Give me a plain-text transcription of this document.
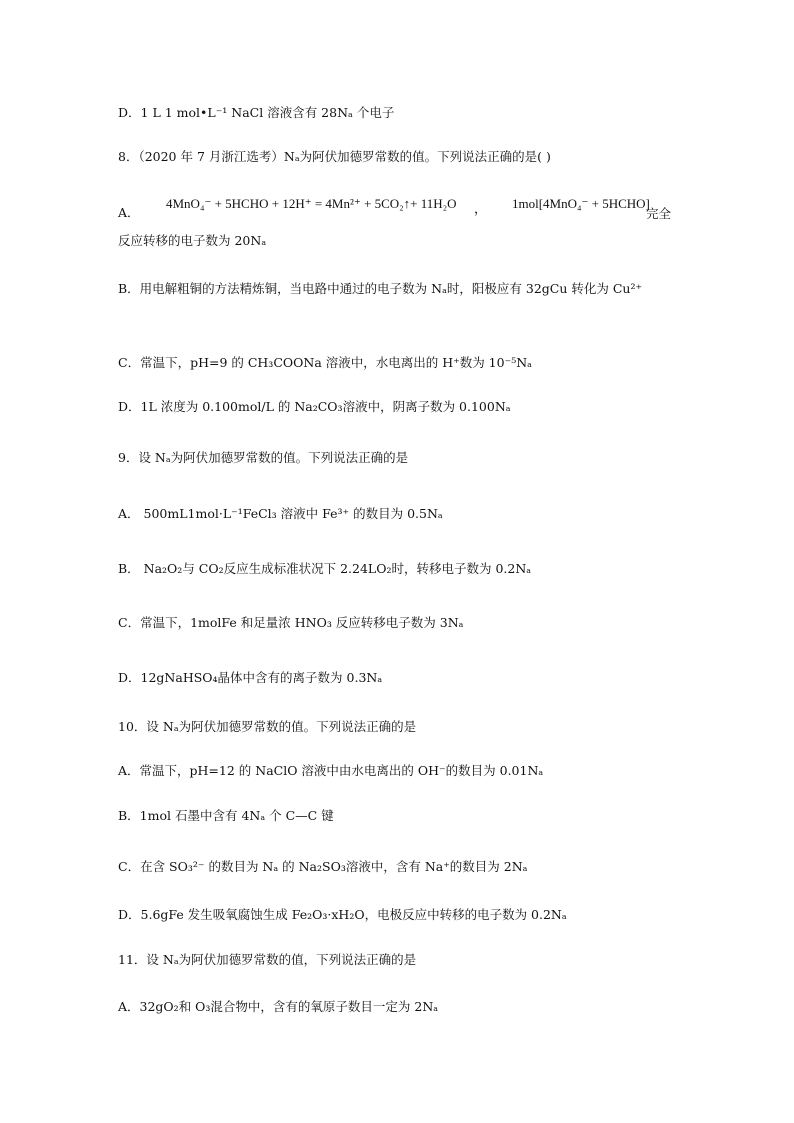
D．1 L 1 mol•L⁻¹ NaCl 溶液含有 28Nₐ 个电子
8．（2020 年 7 月浙江选考）Nₐ为阿伏加德罗常数的值。下列说法正确的是( )
A．
4MnO₄⁻ + 5HCHO + 12H⁺ = 4Mn²⁺ + 5CO₂↑+ 11H₂O ， 1mol[4MnO₄⁻ + 5HCHO]
完全
反应转移的电子数为 20Nₐ
B．用电解粗铜的方法精炼铜，当电路中通过的电子数为 Nₐ时，阳极应有 32gCu 转化为 Cu²⁺
C．常温下，pH=9 的 CH₃COONa 溶液中，水电离出的 H⁺数为 10⁻⁵Nₐ
D．1L 浓度为 0.100mol/L 的 Na₂CO₃溶液中，阴离子数为 0.100Nₐ
9．设 Nₐ为阿伏加德罗常数的值。下列说法正确的是
A． 500mL1mol·L⁻¹FeCl₃ 溶液中 Fe³⁺ 的数目为 0.5Nₐ
B． Na₂O₂与 CO₂反应生成标准状况下 2.24LO₂时，转移电子数为 0.2Nₐ
C．常温下，1molFe 和足量浓 HNO₃ 反应转移电子数为 3Nₐ
D．12gNaHSO₄晶体中含有的离子数为 0.3Nₐ
10．设 Nₐ为阿伏加德罗常数的值。下列说法正确的是
A．常温下，pH=12 的 NaClO 溶液中由水电离出的 OH⁻的数目为 0.01Nₐ
B．1mol 石墨中含有 4Nₐ 个 C—C 键
C．在含 SO₃²⁻ 的数目为 Nₐ 的 Na₂SO₃溶液中，含有 Na⁺的数目为 2Nₐ
D．5.6gFe 发生吸氧腐蚀生成 Fe₂O₃·xH₂O，电极反应中转移的电子数为 0.2Nₐ
11．设 Nₐ为阿伏加德罗常数的值，下列说法正确的是
A．32gO₂和 O₃混合物中，含有的氧原子数目一定为 2Nₐ
